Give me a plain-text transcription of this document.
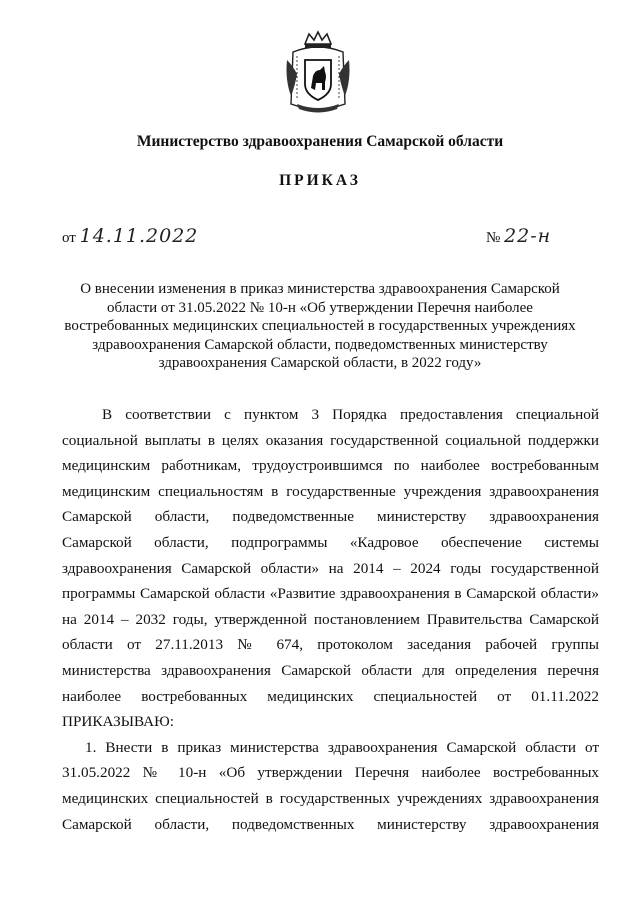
Министерство здравоохранения Самарской области
ПРИКАЗ
от 14.11.2022	№ 22-н
О внесении изменения в приказ министерства здравоохранения Самарской
области от 31.05.2022 № 10-н «Об утверждении Перечня наиболее
востребованных медицинских специальностей в государственных учреждениях
здравоохранения Самарской области, подведомственных министерству
здравоохранения Самарской области, в 2022 году»
В соответствии с пунктом 3 Порядка предоставления специальной
социальной выплаты в целях оказания государственной социальной поддержки
медицинским работникам, трудоустроившимся по наиболее востребованным
медицинским специальностям в государственные учреждения здравоохранения
Самарской области, подведомственные министерству здравоохранения
Самарской области, подпрограммы «Кадровое обеспечение системы
здравоохранения Самарской области» на 2014 – 2024 годы государственной
программы Самарской области «Развитие здравоохранения в Самарской области»
на 2014 – 2032 годы, утвержденной постановлением Правительства Самарской
области от 27.11.2013 № 674, протоколом заседания рабочей группы
министерства здравоохранения Самарской области для определения перечня
наиболее востребованных медицинских специальностей от 01.11.2022
ПРИКАЗЫВАЮ:
1. Внести в приказ министерства здравоохранения Самарской области от
31.05.2022 № 10-н «Об утверждении Перечня наиболее востребованных
медицинских специальностей в государственных учреждениях здравоохранения
Самарской области, подведомственных министерству здравоохранения
